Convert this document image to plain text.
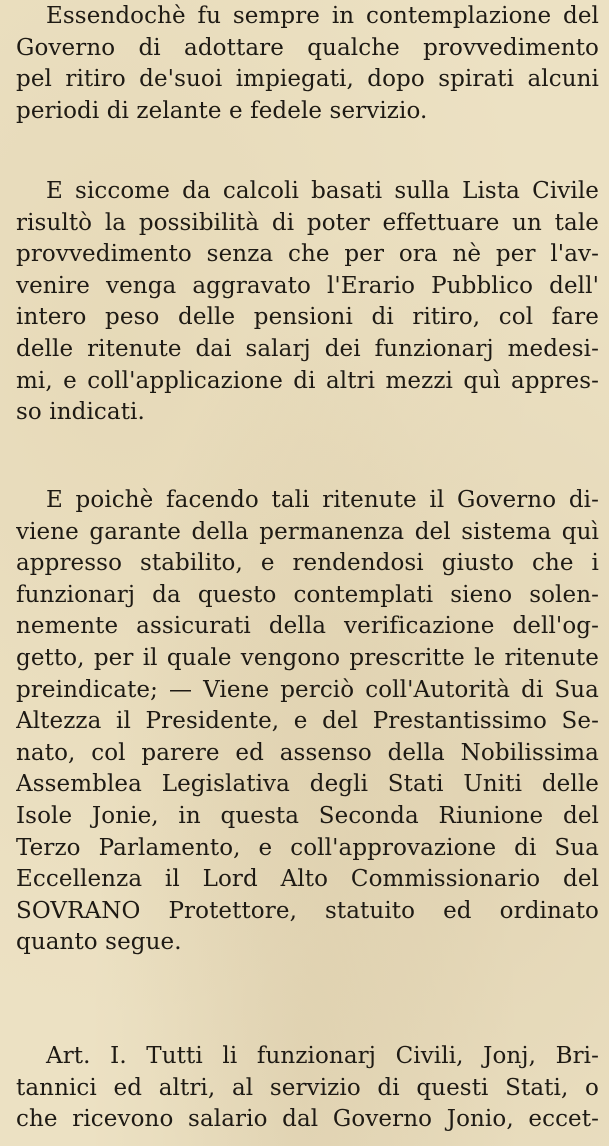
Essendochè fu sempre in contemplazione del
Governo di adottare qualche provvedimento
pel ritiro de'suoi impiegati, dopo spirati alcuni
periodi di zelante e fedele servizio.
E siccome da calcoli basati sulla Lista Civile
risultò la possibilità di poter effettuare un tale
provvedimento senza che per ora nè per l'av-
venire venga aggravato l'Erario Pubblico dell'
intero peso delle pensioni di ritiro, col fare
delle ritenute dai salarj dei funzionarj medesi-
mi, e coll'applicazione di altri mezzi quì appres-
so indicati.
E poichè facendo tali ritenute il Governo di-
viene garante della permanenza del sistema quì
appresso stabilito, e rendendosi giusto che i
funzionarj da questo contemplati sieno solen-
nemente assicurati della verificazione dell'og-
getto, per il quale vengono prescritte le ritenute
preindicate; — Viene perciò coll'Autorità di Sua
Altezza il Presidente, e del Prestantissimo Se-
nato, col parere ed assenso della Nobilissima
Assemblea Legislativa degli Stati Uniti delle
Isole Jonie, in questa Seconda Riunione del
Terzo Parlamento, e coll'approvazione di Sua
Eccellenza il Lord Alto Commissionario del
SOVRANO Protettore, statuito ed ordinato
quanto segue.
Art. I. Tutti li funzionarj Civili, Jonj, Bri-
tannici ed altri, al servizio di questi Stati, o
che ricevono salario dal Governo Jonio, eccet-
